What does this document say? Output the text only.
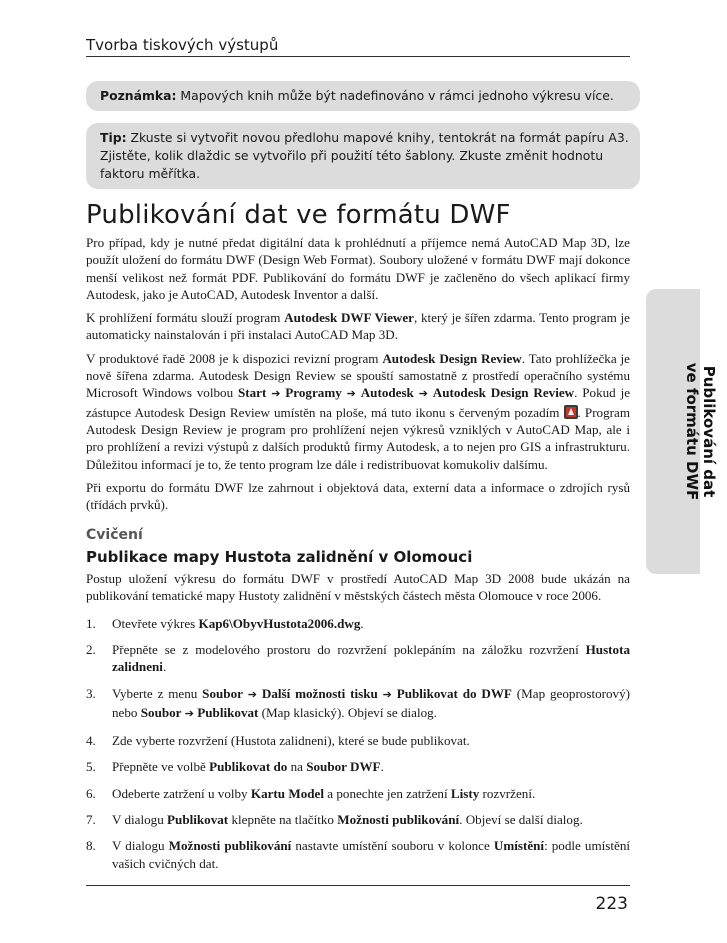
Tvorba tiskových výstupů
Poznámka: Mapových knih může být nadefinováno v rámci jednoho výkresu více.
Tip: Zkuste si vytvořit novou předlohu mapové knihy, tentokrát na formát papíru A3. Zjistěte, kolik dlaždic se vytvořilo při použití této šablony. Zkuste změnit hodnotu faktoru měřítka.
Publikování dat ve formátu DWF

Pro případ, kdy je nutné předat digitální data k prohlédnutí a příjemce nemá AutoCAD Map 3D, lze použít uložení do formátu DWF (Design Web Format). Soubory uložené v formátu DWF mají dokonce menší velikost než formát PDF. Publikování do formátu DWF je začleněno do všech aplikací firmy Autodesk, jako je AutoCAD, Autodesk Inventor a další.

K prohlížení formátu slouží program Autodesk DWF Viewer, který je šířen zdarma. Tento program je automaticky nainstalován i při instalaci AutoCAD Map 3D.

V produktové řadě 2008 je k dispozici revizní program Autodesk Design Review. Tato prohlížečka je nově šířena zdarma. Autodesk Design Review se spouští samostatně z prostředí operačního systému Microsoft Windows volbou Start ➔ Programy ➔ Autodesk ➔ Autodesk Design Review. Pokud je zástupce Autodesk Design Review umístěn na ploše, má tuto ikonu s červeným pozadím . Program Autodesk Design Review je program pro prohlížení nejen výkresů vzniklých v AutoCAD Map, ale i pro prohlížení a revizi výstupů z dalších produktů firmy Autodesk, a to nejen pro GIS a infrastrukturu. Důležitou informací je to, že tento program lze dále i redistribuovat komukoliv dalšímu.

Při exportu do formátu DWF lze zahrnout i objektová data, externí data a informace o zdrojích rysů (třídách prvků).

Cvičení
Publikace mapy Hustota zalidnění v Olomouci

Postup uložení výkresu do formátu DWF v prostředí AutoCAD Map 3D 2008 bude ukázán na publikování tematické mapy Hustoty zalidnění v městských částech města Olomouce v roce 2006.

1. Otevřete výkres Kap6\ObyvHustota2006.dwg.
2. Přepněte se z modelového prostoru do rozvržení poklepáním na záložku rozvržení Hustota zalidneni.
3. Vyberte z menu Soubor ➔ Další možnosti tisku ➔ Publikovat do DWF (Map geoprostorový) nebo Soubor ➔ Publikovat (Map klasický). Objeví se dialog.
4. Zde vyberte rozvržení (Hustota zalidneni), které se bude publikovat.
5. Přepněte ve volbě Publikovat do na Soubor DWF.
6. Odeberte zatržení u volby Kartu Model a ponechte jen zatržení Listy rozvržení.
7. V dialogu Publikovat klepněte na tlačítko Možnosti publikování. Objeví se další dialog.
8. V dialogu Možnosti publikování nastavte umístění souboru v kolonce Umístění: podle umístění vašich cvičných dat.
Publikování dat
ve formátu DWF
223
